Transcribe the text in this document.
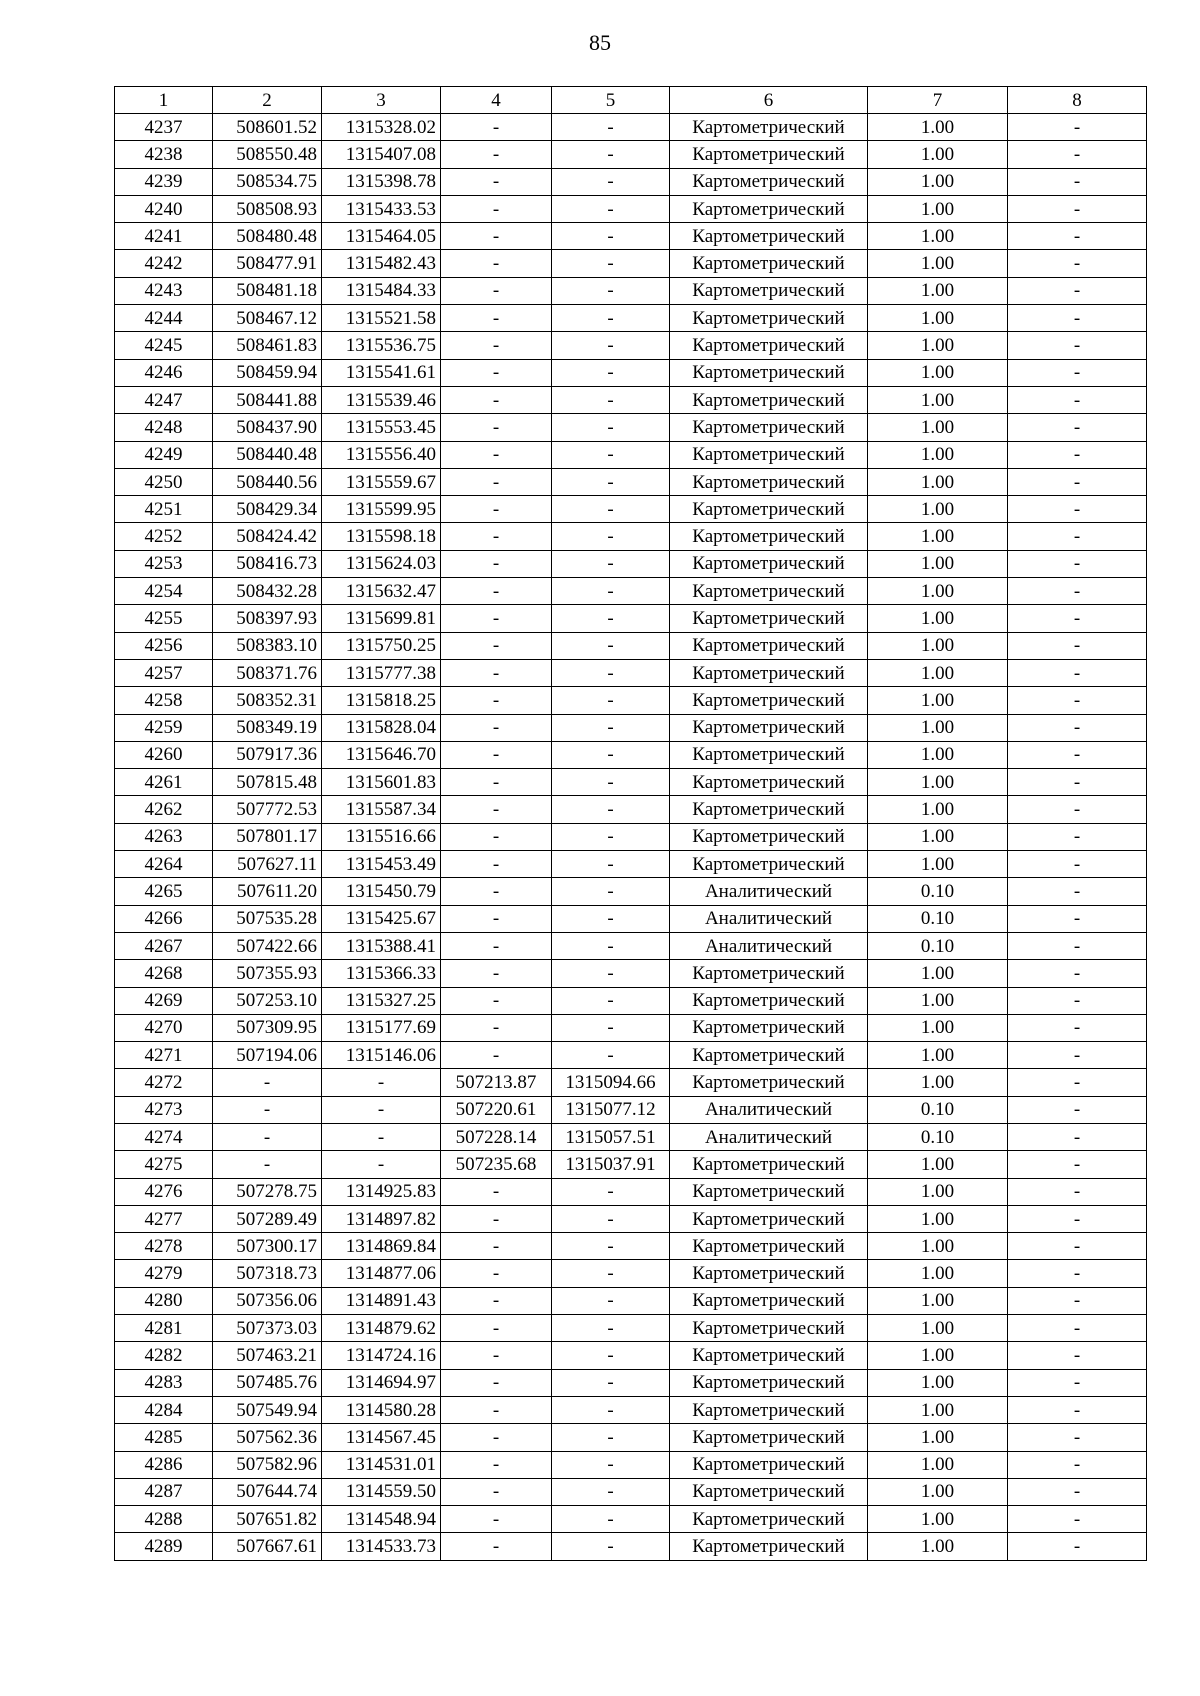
85
1	2	3	4	5	6	7	8
4237	508601.52	1315328.02	-	-	Картометрический	1.00	-
4238	508550.48	1315407.08	-	-	Картометрический	1.00	-
4239	508534.75	1315398.78	-	-	Картометрический	1.00	-
4240	508508.93	1315433.53	-	-	Картометрический	1.00	-
4241	508480.48	1315464.05	-	-	Картометрический	1.00	-
4242	508477.91	1315482.43	-	-	Картометрический	1.00	-
4243	508481.18	1315484.33	-	-	Картометрический	1.00	-
4244	508467.12	1315521.58	-	-	Картометрический	1.00	-
4245	508461.83	1315536.75	-	-	Картометрический	1.00	-
4246	508459.94	1315541.61	-	-	Картометрический	1.00	-
4247	508441.88	1315539.46	-	-	Картометрический	1.00	-
4248	508437.90	1315553.45	-	-	Картометрический	1.00	-
4249	508440.48	1315556.40	-	-	Картометрический	1.00	-
4250	508440.56	1315559.67	-	-	Картометрический	1.00	-
4251	508429.34	1315599.95	-	-	Картометрический	1.00	-
4252	508424.42	1315598.18	-	-	Картометрический	1.00	-
4253	508416.73	1315624.03	-	-	Картометрический	1.00	-
4254	508432.28	1315632.47	-	-	Картометрический	1.00	-
4255	508397.93	1315699.81	-	-	Картометрический	1.00	-
4256	508383.10	1315750.25	-	-	Картометрический	1.00	-
4257	508371.76	1315777.38	-	-	Картометрический	1.00	-
4258	508352.31	1315818.25	-	-	Картометрический	1.00	-
4259	508349.19	1315828.04	-	-	Картометрический	1.00	-
4260	507917.36	1315646.70	-	-	Картометрический	1.00	-
4261	507815.48	1315601.83	-	-	Картометрический	1.00	-
4262	507772.53	1315587.34	-	-	Картометрический	1.00	-
4263	507801.17	1315516.66	-	-	Картометрический	1.00	-
4264	507627.11	1315453.49	-	-	Картометрический	1.00	-
4265	507611.20	1315450.79	-	-	Аналитический	0.10	-
4266	507535.28	1315425.67	-	-	Аналитический	0.10	-
4267	507422.66	1315388.41	-	-	Аналитический	0.10	-
4268	507355.93	1315366.33	-	-	Картометрический	1.00	-
4269	507253.10	1315327.25	-	-	Картометрический	1.00	-
4270	507309.95	1315177.69	-	-	Картометрический	1.00	-
4271	507194.06	1315146.06	-	-	Картометрический	1.00	-
4272	-	-	507213.87	1315094.66	Картометрический	1.00	-
4273	-	-	507220.61	1315077.12	Аналитический	0.10	-
4274	-	-	507228.14	1315057.51	Аналитический	0.10	-
4275	-	-	507235.68	1315037.91	Картометрический	1.00	-
4276	507278.75	1314925.83	-	-	Картометрический	1.00	-
4277	507289.49	1314897.82	-	-	Картометрический	1.00	-
4278	507300.17	1314869.84	-	-	Картометрический	1.00	-
4279	507318.73	1314877.06	-	-	Картометрический	1.00	-
4280	507356.06	1314891.43	-	-	Картометрический	1.00	-
4281	507373.03	1314879.62	-	-	Картометрический	1.00	-
4282	507463.21	1314724.16	-	-	Картометрический	1.00	-
4283	507485.76	1314694.97	-	-	Картометрический	1.00	-
4284	507549.94	1314580.28	-	-	Картометрический	1.00	-
4285	507562.36	1314567.45	-	-	Картометрический	1.00	-
4286	507582.96	1314531.01	-	-	Картометрический	1.00	-
4287	507644.74	1314559.50	-	-	Картометрический	1.00	-
4288	507651.82	1314548.94	-	-	Картометрический	1.00	-
4289	507667.61	1314533.73	-	-	Картометрический	1.00	-
